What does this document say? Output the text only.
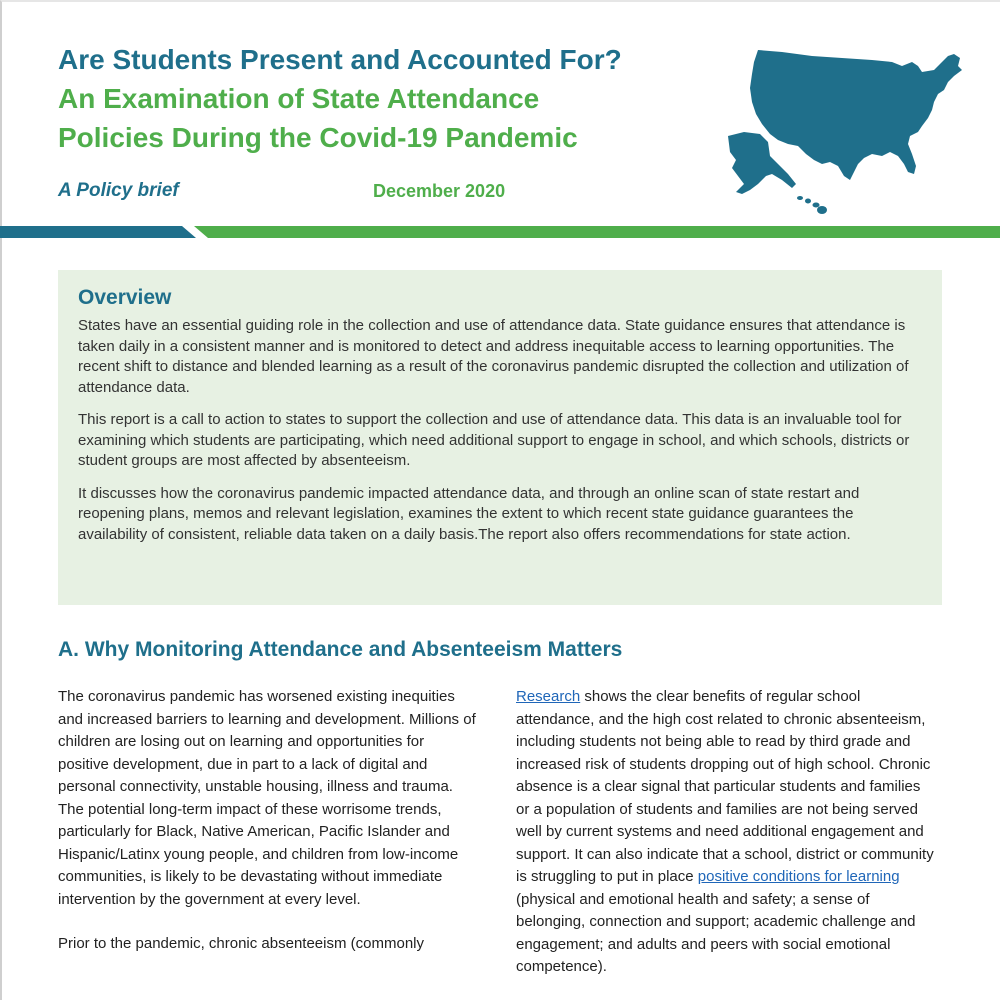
Are Students Present and Accounted For?

An Examination of State Attendance

Policies During the Covid-19 Pandemic

A Policy brief	December 2020
Overview

States have an essential guiding role in the collection and use of attendance data. State guidance ensures that attendance is taken daily in a consistent manner and is monitored to detect and address inequitable access to learning opportunities. The recent shift to distance and blended learning as a result of the coronavirus pandemic disrupted the collection and utilization of attendance data.

This report is a call to action to states to support the collection and use of attendance data. This data is an invaluable tool for examining which students are participating, which need additional support to engage in school, and which schools, districts or student groups are most affected by absenteeism.

It discusses how the coronavirus pandemic impacted attendance data, and through an online scan of state restart and reopening plans, memos and relevant legislation, examines the extent to which recent state guidance guarantees the availability of consistent, reliable data taken on a daily basis.The report also offers recommendations for state action.

A. Why Monitoring Attendance and Absenteeism Matters

The coronavirus pandemic has worsened existing inequities and increased barriers to learning and development. Millions of children are losing out on learning and opportunities for positive development, due in part to a lack of digital and personal connectivity, unstable housing, illness and trauma. The potential long-term impact of these worrisome trends, particularly for Black, Native American, Pacific Islander and Hispanic/Latinx young people, and children from low-income communities, is likely to be devastating without immediate intervention by the government at every level.

Prior to the pandemic, chronic absenteeism (commonly

Research shows the clear benefits of regular school attendance, and the high cost related to chronic absenteeism, including students not being able to read by third grade and increased risk of students dropping out of high school. Chronic absence is a clear signal that particular students and families or a population of students and families are not being served well by current systems and need additional engagement and support. It can also indicate that a school, district or community is struggling to put in place positive conditions for learning (physical and emotional health and safety; a sense of belonging, connection and support; academic challenge and engagement; and adults and peers with social emotional competence).
